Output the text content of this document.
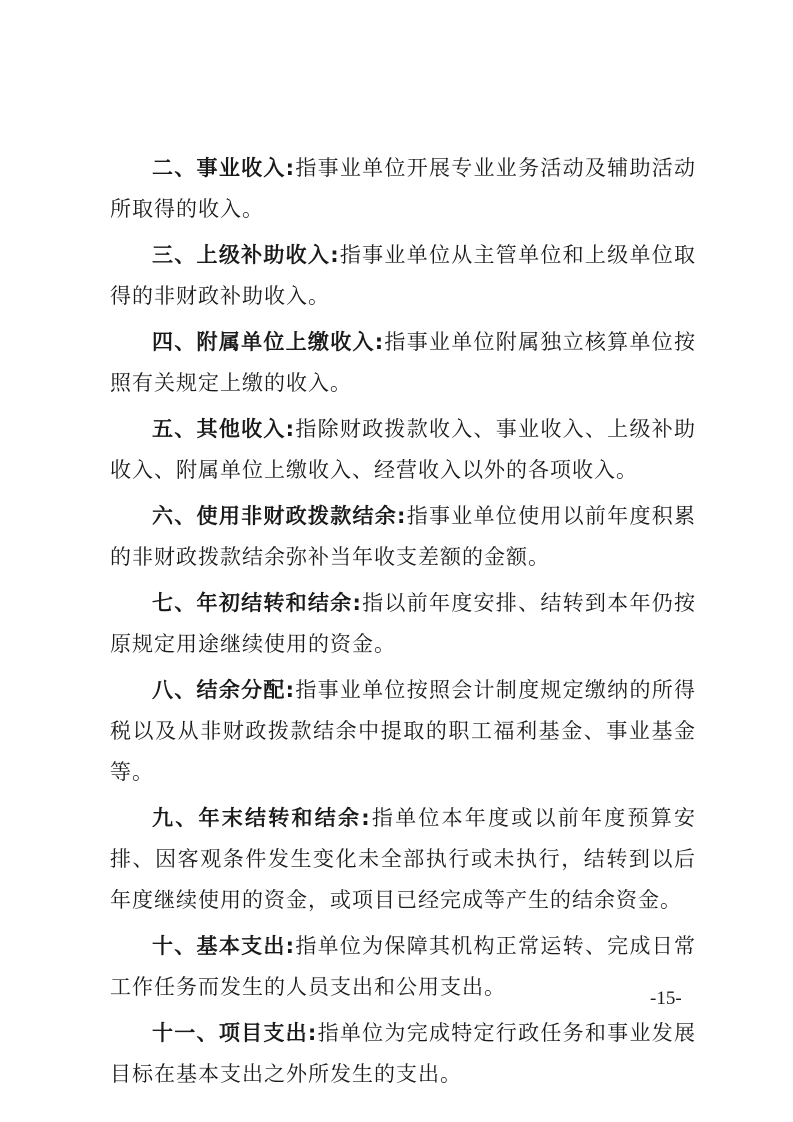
二、事业收入:指事业单位开展专业业务活动及辅助活动所取得的收入。

三、上级补助收入:指事业单位从主管单位和上级单位取得的非财政补助收入。

四、附属单位上缴收入:指事业单位附属独立核算单位按照有关规定上缴的收入。

五、其他收入:指除财政拨款收入、事业收入、上级补助收入、附属单位上缴收入、经营收入以外的各项收入。

六、使用非财政拨款结余:指事业单位使用以前年度积累的非财政拨款结余弥补当年收支差额的金额。

七、年初结转和结余:指以前年度安排、结转到本年仍按原规定用途继续使用的资金。

八、结余分配:指事业单位按照会计制度规定缴纳的所得税以及从非财政拨款结余中提取的职工福利基金、事业基金等。

九、年末结转和结余:指单位本年度或以前年度预算安排、因客观条件发生变化未全部执行或未执行，结转到以后年度继续使用的资金，或项目已经完成等产生的结余资金。

十、基本支出:指单位为保障其机构正常运转、完成日常工作任务而发生的人员支出和公用支出。

十一、项目支出:指单位为完成特定行政任务和事业发展目标在基本支出之外所发生的支出。

-15-
